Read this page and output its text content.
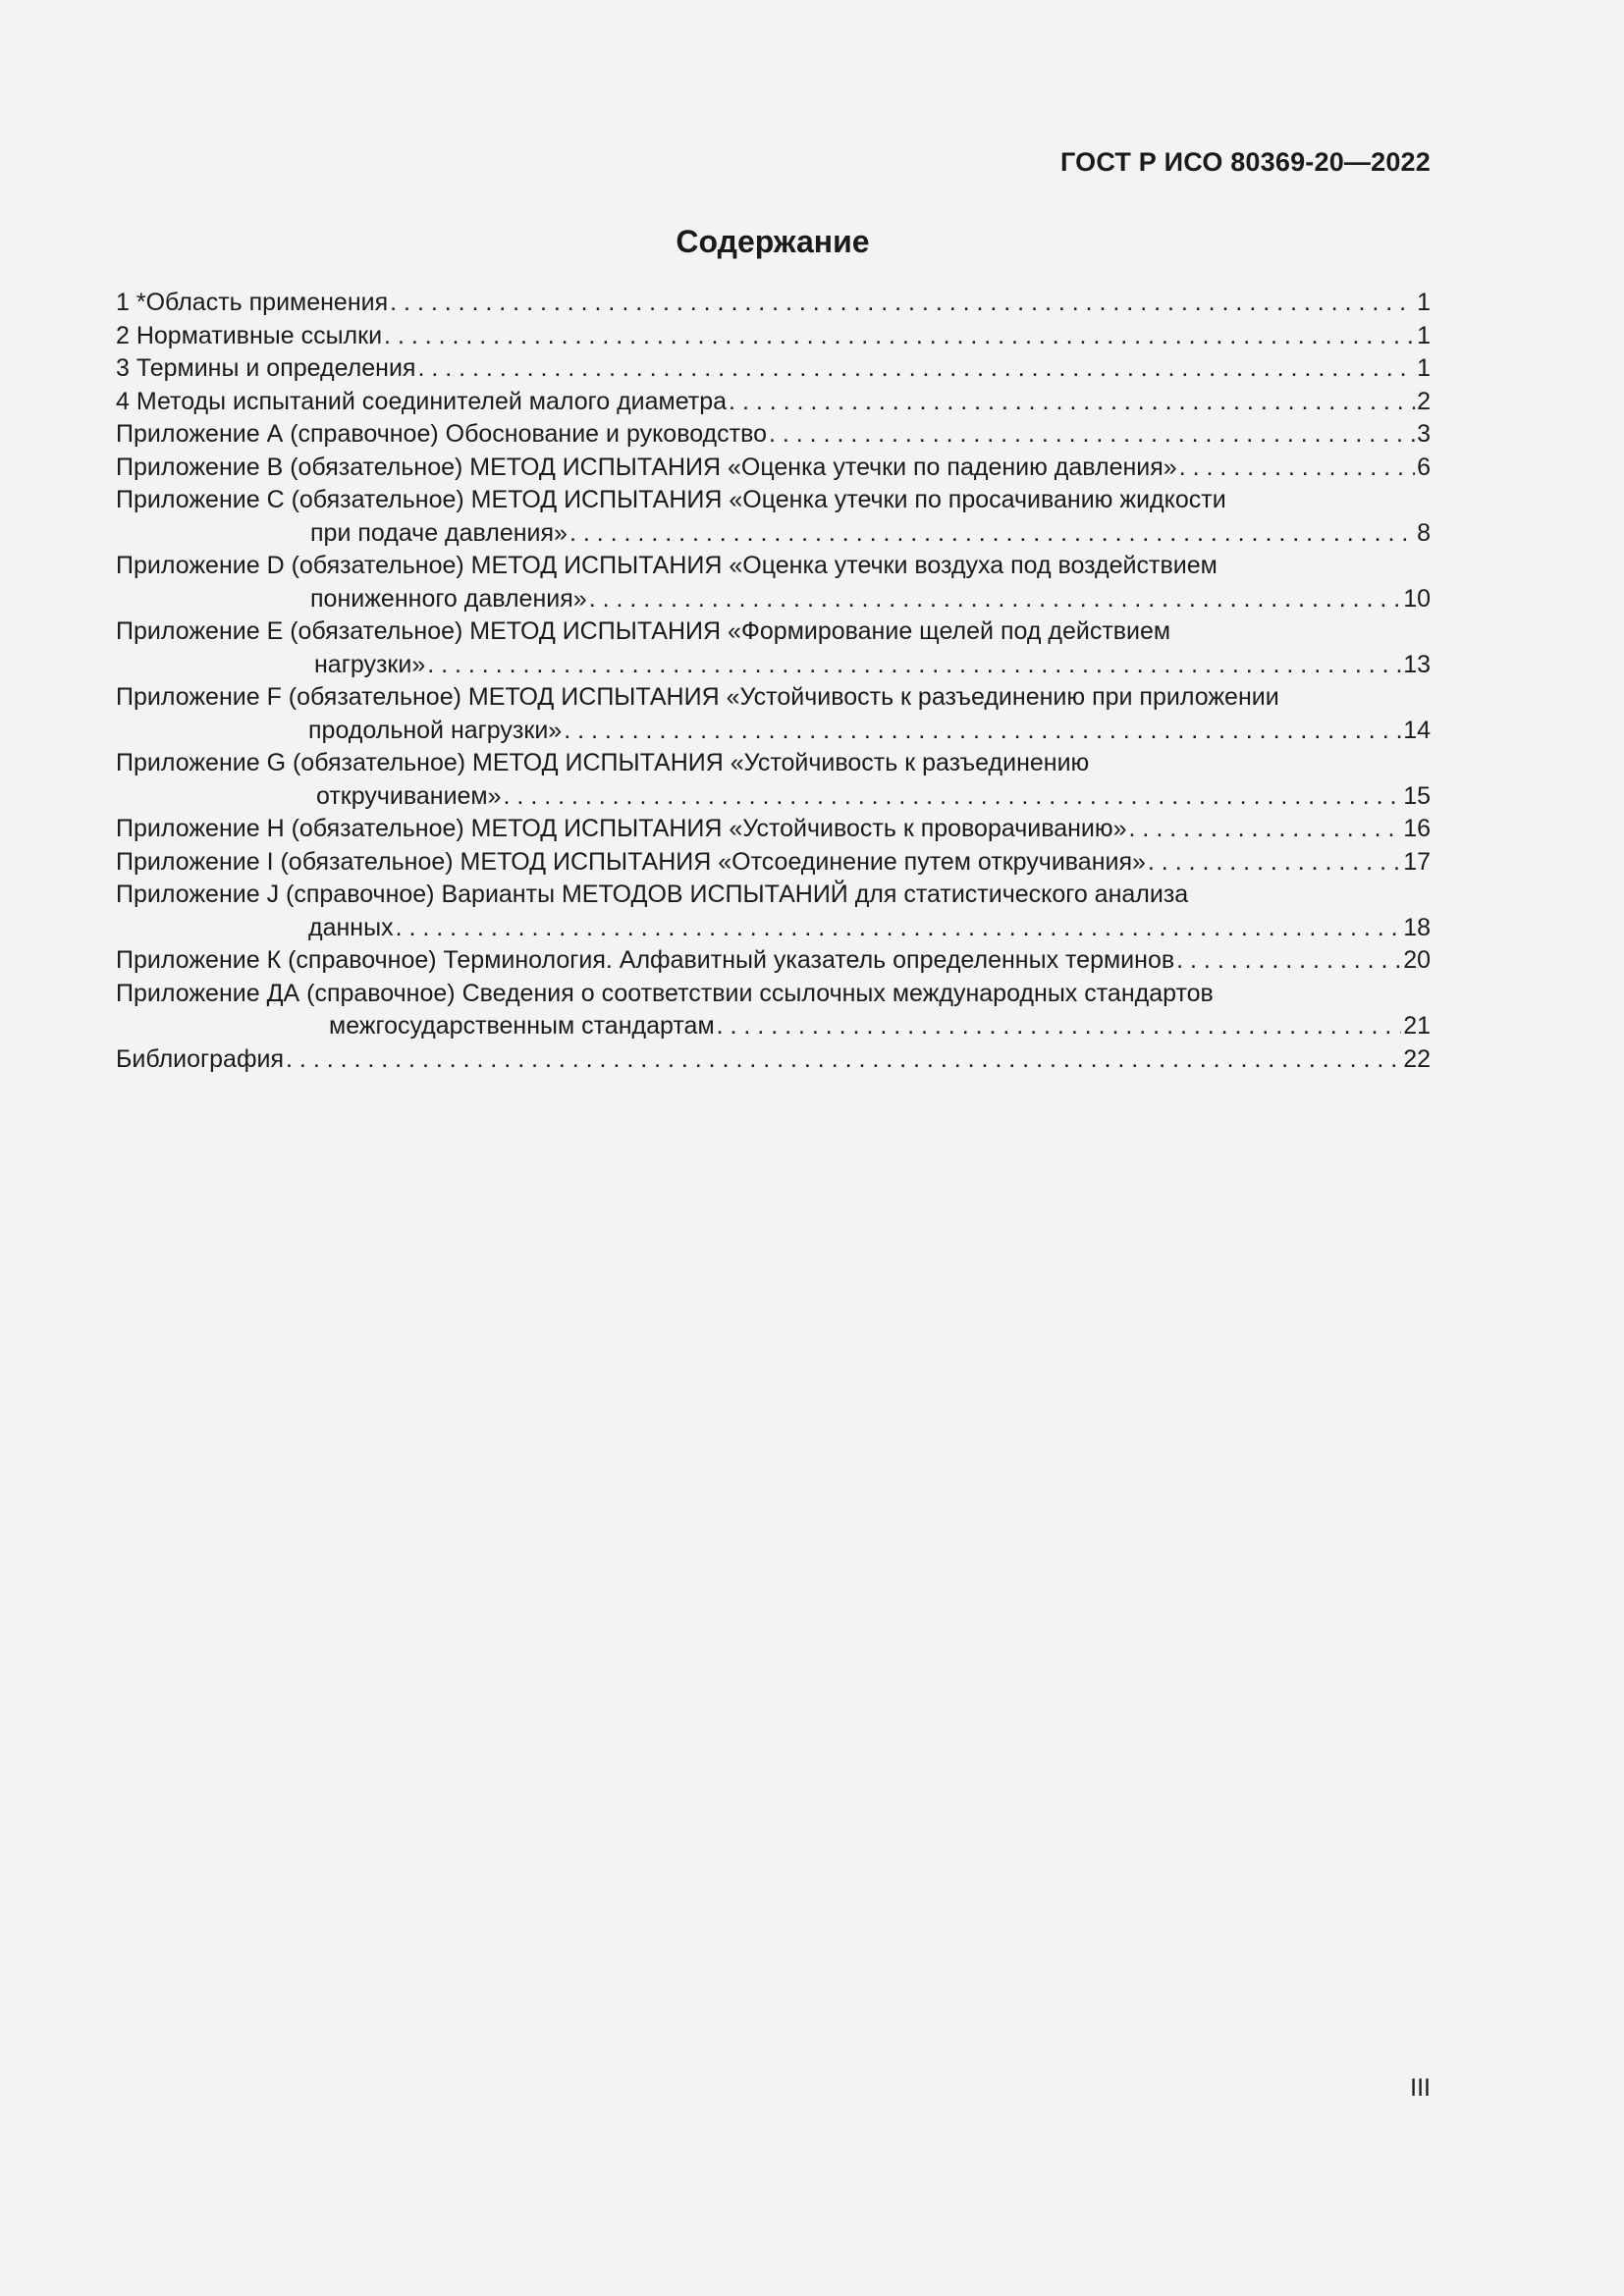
ГОСТ Р ИСО 80369-20—2022
Содержание
1 *Область применения . . .	1
2 Нормативные ссылки . . .	1
3 Термины и определения . . .	1
4 Методы испытаний соединителей малого диаметра . . .	2
Приложение А (справочное) Обоснование и руководство . . .	3
Приложение В (обязательное) МЕТОД ИСПЫТАНИЯ «Оценка утечки по падению давления» . . .	6
Приложение С (обязательное) МЕТОД ИСПЫТАНИЯ «Оценка утечки по просачиванию жидкости
при подаче давления» . . .	8
Приложение D (обязательное) МЕТОД ИСПЫТАНИЯ «Оценка утечки воздуха под воздействием
пониженного давления» . . .	10
Приложение Е (обязательное) МЕТОД ИСПЫТАНИЯ «Формирование щелей под действием
нагрузки» . . .	13
Приложение F (обязательное) МЕТОД ИСПЫТАНИЯ «Устойчивость к разъединению при приложении
продольной нагрузки» . . .	14
Приложение G (обязательное) МЕТОД ИСПЫТАНИЯ «Устойчивость к разъединению
откручиванием» . . .	15
Приложение Н (обязательное) МЕТОД ИСПЫТАНИЯ «Устойчивость к проворачиванию» . . .	16
Приложение I (обязательное) МЕТОД ИСПЫТАНИЯ «Отсоединение путем откручивания» . . .	17
Приложение J (справочное) Варианты МЕТОДОВ ИСПЫТАНИЙ для статистического анализа
данных . . .	18
Приложение К (справочное) Терминология. Алфавитный указатель определенных терминов . . .	20
Приложение ДА (справочное) Сведения о соответствии ссылочных международных стандартов
межгосударственным стандартам . . .	21
Библиография . . .	22
III
